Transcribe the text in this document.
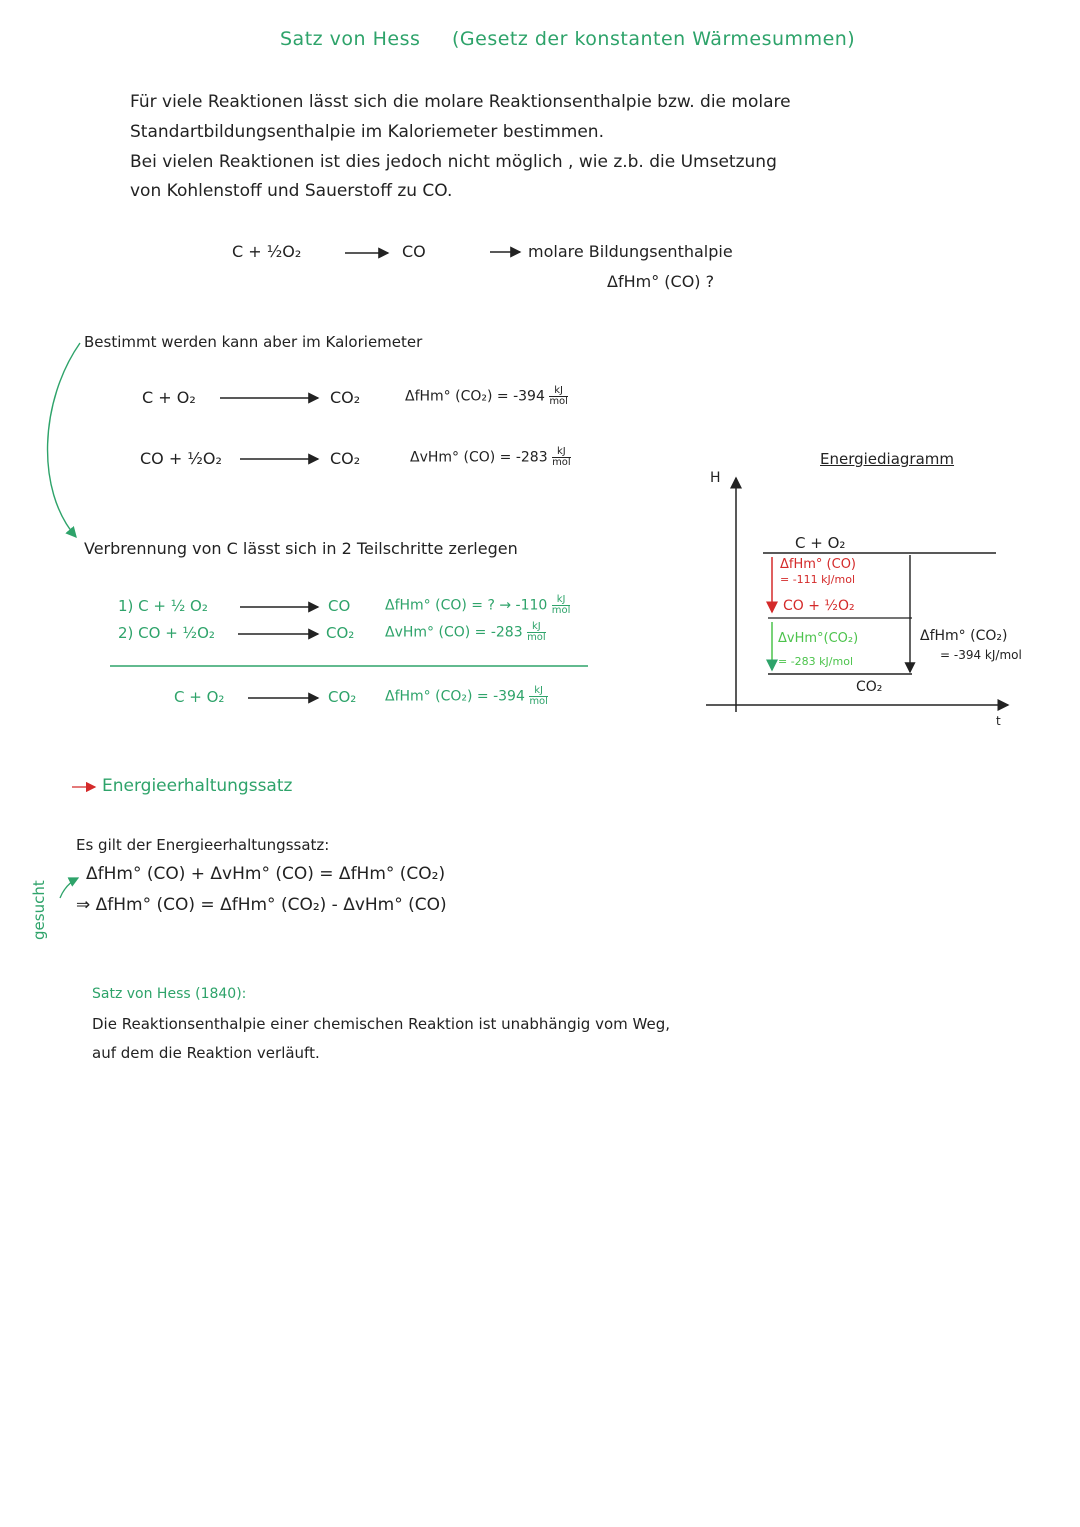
Satz von Hess (Gesetz der konstanten Wärmesummen)
Für viele Reaktionen lässt sich die molare Reaktionsenthalpie bzw. die molare
Standartbildungsenthalpie im Kaloriemeter bestimmen.
Bei vielen Reaktionen ist dies jedoch nicht möglich , wie z.b. die Umsetzung
von Kohlenstoff und Sauerstoff zu CO.
C + ½O₂	CO	molare Bildungsenthalpie
ΔfHm° (CO) ?
Bestimmt werden kann aber im Kaloriemeter
C + O₂	CO₂	ΔfHm° $(CO_2) = -394 \frac{kJ}{\text{mol}}$
CO + ½O₂	CO₂	ΔvHm° $(CO) = -283 \frac{kJ}{\text{mol}}$
Verbrennung von C lässt sich in 2 Teilschritte zerlegen
1) C + ½ O₂	CO ΔfHm° (CO) = ? → $-110 \frac{kJ}{\text{mol}}$
2) CO + ½O₂	CO₂ ΔvHm° $(CO) = -283 \frac{kJ}{\text{mol}}$
C + O₂	CO₂ ΔfHm° $(CO_2) = -394 \frac{kJ}{\text{mol}}$
Energieerhaltungssatz
gesucht
Es gilt der Energieerhaltungssatz:
ΔfHm° (CO) + ΔvHm° (CO) = ΔfHm° (CO₂)
⇒ ΔfHm° (CO) = ΔfHm° (CO₂) - ΔvHm° (CO)
Satz von Hess (1840):
Die Reaktionsenthalpie einer chemischen Reaktion ist unabhängig vom Weg,
auf dem die Reaktion verläuft.
Energiediagramm
H
t
C + O₂
ΔfHm° (CO)
= -111 kJ/mol
CO + ½O₂
ΔvHm°(CO₂)
= -283 kJ/mol
CO₂
ΔfHm° (CO₂)
= -394 kJ/mol
